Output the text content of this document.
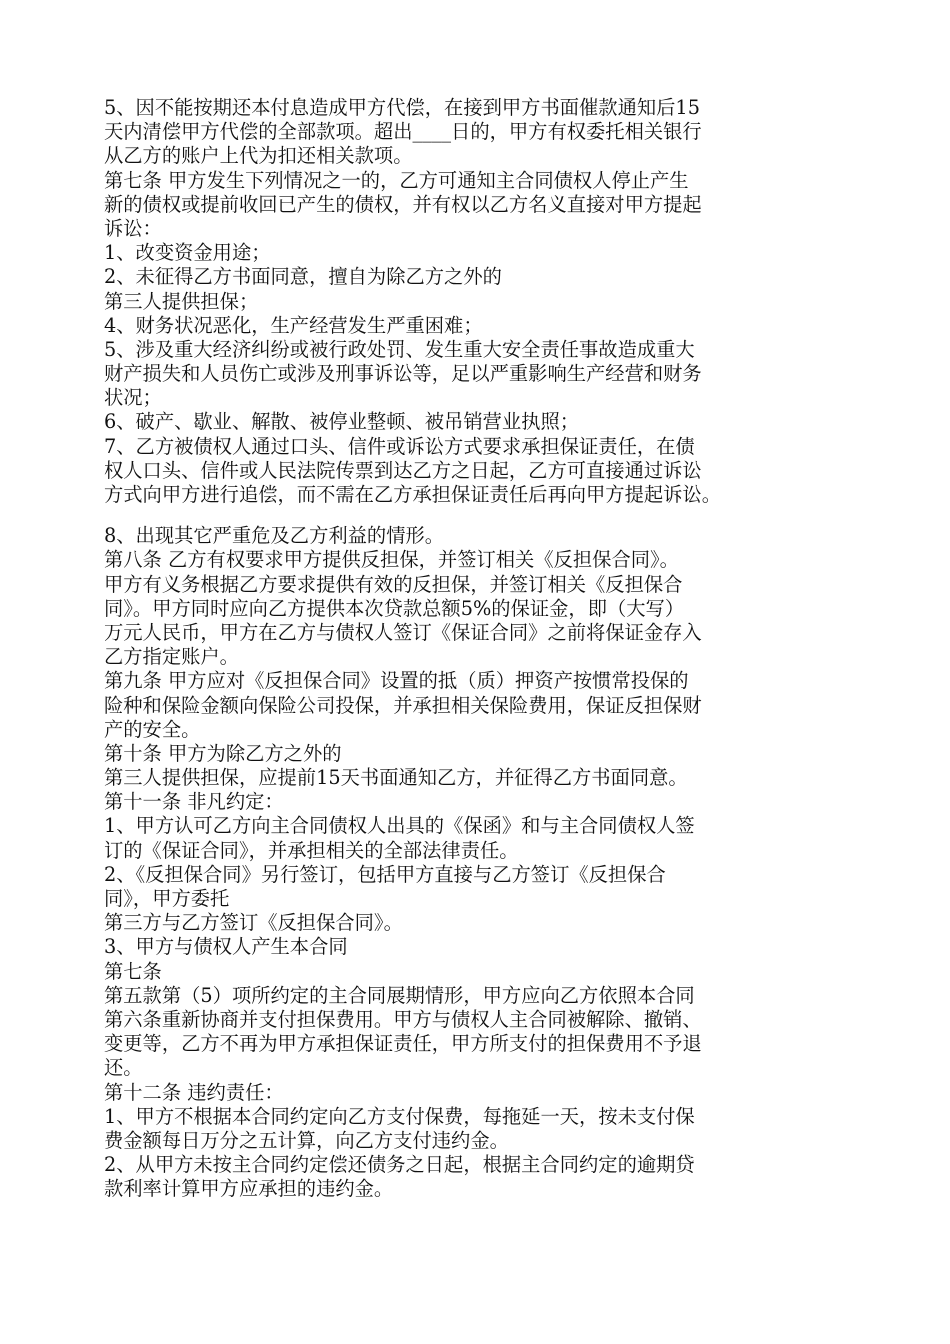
5、因不能按期还本付息造成甲方代偿，在接到甲方书面催款通知后15
天内清偿甲方代偿的全部款项。超出____日的，甲方有权委托相关银行
从乙方的账户上代为扣还相关款项。
第七条 甲方发生下列情况之一的，乙方可通知主合同债权人停止产生
新的债权或提前收回已产生的债权，并有权以乙方名义直接对甲方提起
诉讼：
1、改变资金用途；
2、未征得乙方书面同意，擅自为除乙方之外的
第三人提供担保；
4、财务状况恶化，生产经营发生严重困难；
5、涉及重大经济纠纷或被行政处罚、发生重大安全责任事故造成重大
财产损失和人员伤亡或涉及刑事诉讼等，足以严重影响生产经营和财务
状况；
6、破产、歇业、解散、被停业整顿、被吊销营业执照；
7、乙方被债权人通过口头、信件或诉讼方式要求承担保证责任，在债
权人口头、信件或人民法院传票到达乙方之日起，乙方可直接通过诉讼
方式向甲方进行追偿，而不需在乙方承担保证责任后再向甲方提起诉讼。
8、出现其它严重危及乙方利益的情形。
第八条 乙方有权要求甲方提供反担保，并签订相关《反担保合同》。
甲方有义务根据乙方要求提供有效的反担保，并签订相关《反担保合
同》。甲方同时应向乙方提供本次贷款总额5%的保证金，即（大写）
万元人民币，甲方在乙方与债权人签订《保证合同》之前将保证金存入
乙方指定账户。
第九条 甲方应对《反担保合同》设置的抵（质）押资产按惯常投保的
险种和保险金额向保险公司投保，并承担相关保险费用，保证反担保财
产的安全。
第十条 甲方为除乙方之外的
第三人提供担保，应提前15天书面通知乙方，并征得乙方书面同意。
第十一条 非凡约定：
1、甲方认可乙方向主合同债权人出具的《保函》和与主合同债权人签
订的《保证合同》，并承担相关的全部法律责任。
2、《反担保合同》另行签订，包括甲方直接与乙方签订《反担保合
同》，甲方委托
第三方与乙方签订《反担保合同》。
3、甲方与债权人产生本合同
第七条
第五款第（5）项所约定的主合同展期情形，甲方应向乙方依照本合同
第六条重新协商并支付担保费用。甲方与债权人主合同被解除、撤销、
变更等，乙方不再为甲方承担保证责任，甲方所支付的担保费用不予退
还。
第十二条 违约责任：
1、甲方不根据本合同约定向乙方支付保费，每拖延一天，按未支付保
费金额每日万分之五计算，向乙方支付违约金。
2、从甲方未按主合同约定偿还债务之日起，根据主合同约定的逾期贷
款利率计算甲方应承担的违约金。
